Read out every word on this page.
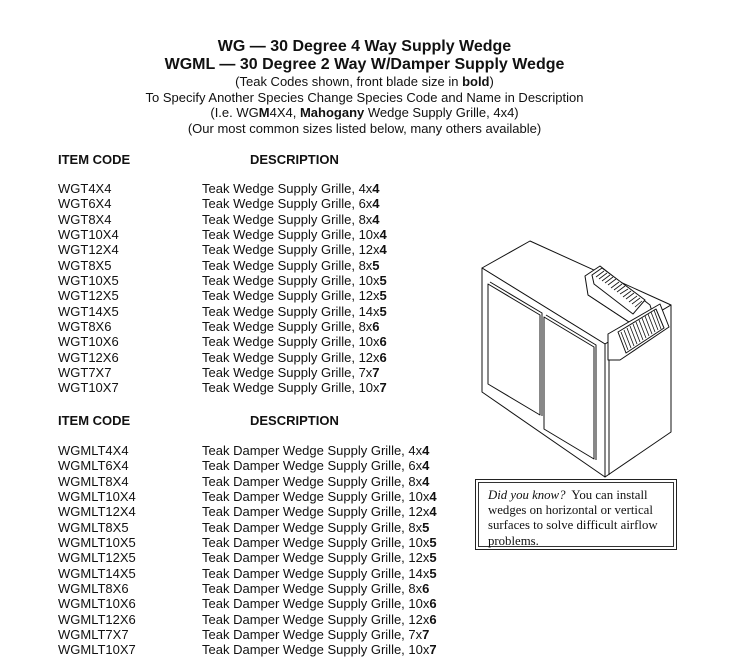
WG — 30 Degree 4 Way Supply Wedge
WGML — 30 Degree 2 Way W/Damper Supply Wedge
(Teak Codes shown, front blade size in bold)
To Specify Another Species Change Species Code and Name in Description
(I.e. WGM4X4, Mahogany Wedge Supply Grille, 4x4)
(Our most common sizes listed below, many others available)
ITEM CODE	DESCRIPTION
WGT4X4	Teak Wedge Supply Grille, 4x4
WGT6X4	Teak Wedge Supply Grille, 6x4
WGT8X4	Teak Wedge Supply Grille, 8x4
WGT10X4	Teak Wedge Supply Grille, 10x4
WGT12X4	Teak Wedge Supply Grille, 12x4
WGT8X5	Teak Wedge Supply Grille, 8x5
WGT10X5	Teak Wedge Supply Grille, 10x5
WGT12X5	Teak Wedge Supply Grille, 12x5
WGT14X5	Teak Wedge Supply Grille, 14x5
WGT8X6	Teak Wedge Supply Grille, 8x6
WGT10X6	Teak Wedge Supply Grille, 10x6
WGT12X6	Teak Wedge Supply Grille, 12x6
WGT7X7	Teak Wedge Supply Grille, 7x7
WGT10X7	Teak Wedge Supply Grille, 10x7
ITEM CODE	DESCRIPTION
WGMLT4X4	Teak Damper Wedge Supply Grille, 4x4
WGMLT6X4	Teak Damper Wedge Supply Grille, 6x4
WGMLT8X4	Teak Damper Wedge Supply Grille, 8x4
WGMLT10X4	Teak Damper Wedge Supply Grille, 10x4
WGMLT12X4	Teak Damper Wedge Supply Grille, 12x4
WGMLT8X5	Teak Damper Wedge Supply Grille, 8x5
WGMLT10X5	Teak Damper Wedge Supply Grille, 10x5
WGMLT12X5	Teak Damper Wedge Supply Grille, 12x5
WGMLT14X5	Teak Damper Wedge Supply Grille, 14x5
WGMLT8X6	Teak Damper Wedge Supply Grille, 8x6
WGMLT10X6	Teak Damper Wedge Supply Grille, 10x6
WGMLT12X6	Teak Damper Wedge Supply Grille, 12x6
WGMLT7X7	Teak Damper Wedge Supply Grille, 7x7
WGMLT10X7	Teak Damper Wedge Supply Grille, 10x7

Did you know?  You can install wedges on horizontal or vertical surfaces to solve difficult airflow problems.
